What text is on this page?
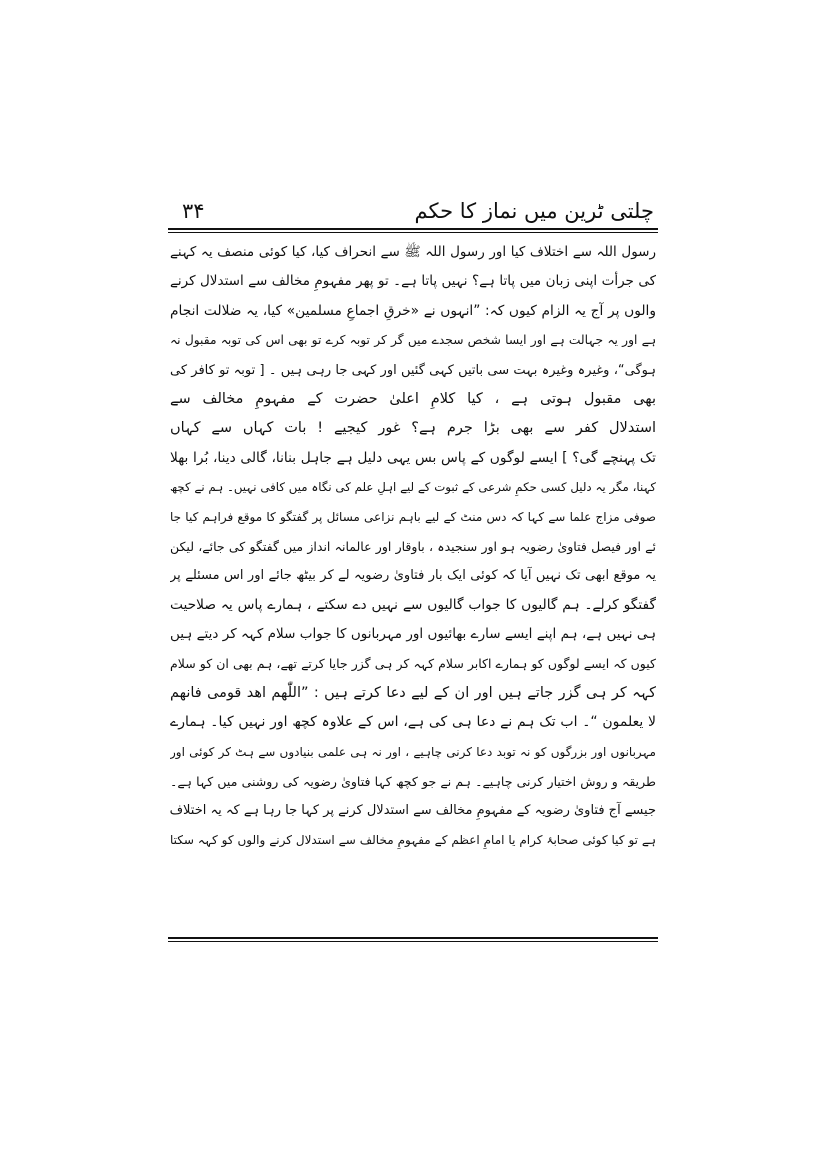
چلتی ٹرین میں نماز کا حکم
۳۴
رسول اللہ سے اختلاف کیا اور رسول اللہ ﷺ سے انحراف کیا، کیا کوئی منصف یہ کہنے
کی جرأت اپنی زبان میں پاتا ہے؟ نہیں پاتا ہے۔ تو پھر مفہومِ مخالف سے استدلال کرنے
والوں پر آج یہ الزام کیوں کہ: ”انہوں نے «خرقِ اجماعِ مسلمین» کیا، یہ ضلالت انجام
ہے اور یہ جہالت ہے اور ایسا شخص سجدے میں گر کر توبہ کرے تو بھی اس کی توبہ مقبول نہ
ہوگی“، وغیرہ وغیرہ بہت سی باتیں کہی گئیں اور کہی جا رہی ہیں ۔ [ توبہ تو کافر کی
بھی مقبول ہوتی ہے ، کیا کلامِ اعلیٰ حضرت کے مفہومِ مخالف سے
استدلال کفر سے بھی بڑا جرم ہے؟ غور کیجیے ! بات کہاں سے کہاں
تک پہنچے گی؟ ] ایسے لوگوں کے پاس بس یہی دلیل ہے جاہل بنانا، گالی دینا، بُرا بھلا
کہنا، مگر یہ دلیل کسی حکمِ شرعی کے ثبوت کے لیے اہلِ علم کی نگاہ میں کافی نہیں۔ ہم نے کچھ
صوفی مزاج علما سے کہا کہ دس منٹ کے لیے باہم نزاعی مسائل پر گفتگو کا موقع فراہم کیا جا
ئے اور فیصل فتاویٰ رضویہ ہو اور سنجیدہ ، باوقار اور عالمانہ انداز میں گفتگو کی جائے، لیکن
یہ موقع ابھی تک نہیں آیا کہ کوئی ایک بار فتاویٰ رضویہ لے کر بیٹھ جائے اور اس مسئلے پر
گفتگو کرلے۔ ہم گالیوں کا جواب گالیوں سے نہیں دے سکتے ، ہمارے پاس یہ صلاحیت
ہی نہیں ہے، ہم اپنے ایسے سارے بھائیوں اور مہربانوں کا جواب سلام کہہ کر دیتے ہیں
کیوں کہ ایسے لوگوں کو ہمارے اکابر سلام کہہ کر ہی گزر جایا کرتے تھے، ہم بھی ان کو سلام
کہہ کر ہی گزر جاتے ہیں اور ان کے لیے دعا کرتے ہیں : ”اللّٰھم اھد قومی فانھم
لا یعلمون “۔ اب تک ہم نے دعا ہی کی ہے، اس کے علاوہ کچھ اور نہیں کیا۔ ہمارے
مہربانوں اور بزرگوں کو نہ توبد دعا کرنی چاہیے ، اور نہ ہی علمی بنیادوں سے ہٹ کر کوئی اور
طریقہ و روش اختیار کرنی چاہیے۔ ہم نے جو کچھ کہا فتاویٰ رضویہ کی روشنی میں کہا ہے۔
جیسے آج فتاویٰ رضویہ کے مفہومِ مخالف سے استدلال کرنے پر کہا جا رہا ہے کہ یہ اختلاف
ہے تو کیا کوئی صحابۂ کرام یا امامِ اعظم کے مفہومِ مخالف سے استدلال کرنے والوں کو کہہ سکتا
